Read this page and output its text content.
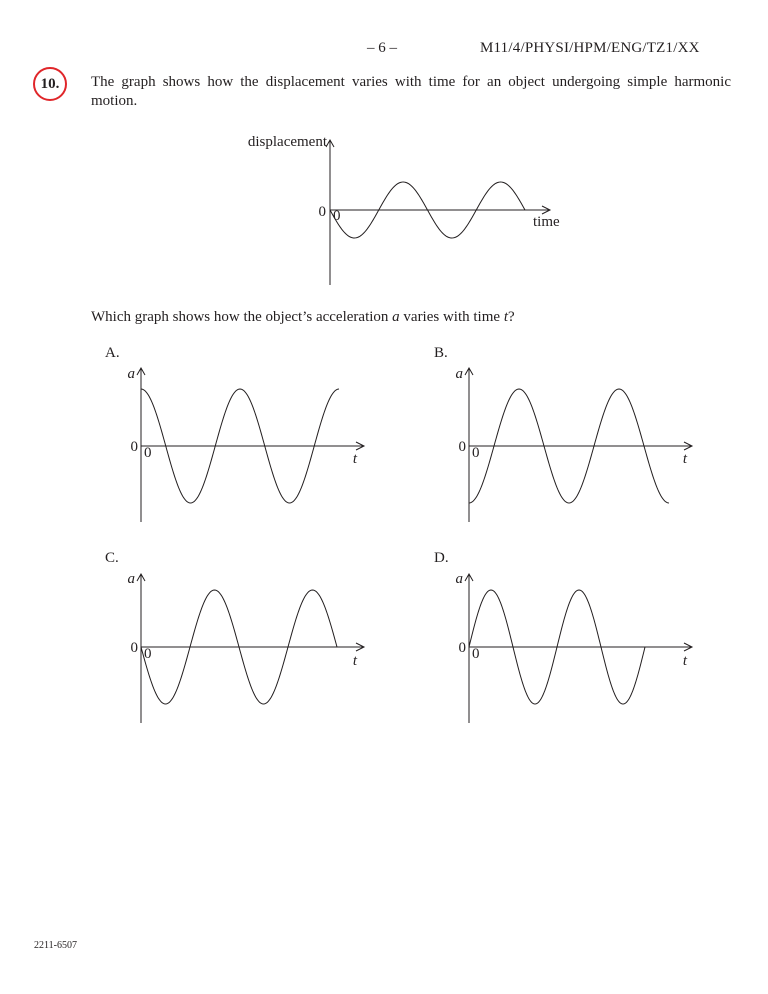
– 6 –	M11/4/PHYSI/HPM/ENG/TZ1/XX
10. The graph shows how the displacement varies with time for an object undergoing simple harmonic motion.
displacement
time
0 0
a
t
0 0
A.
a
t
0 0
B.
a
t
0 0
C.
a
t
0 0
D.
Which graph shows how the object’s acceleration a varies with time t?
2211-6507
